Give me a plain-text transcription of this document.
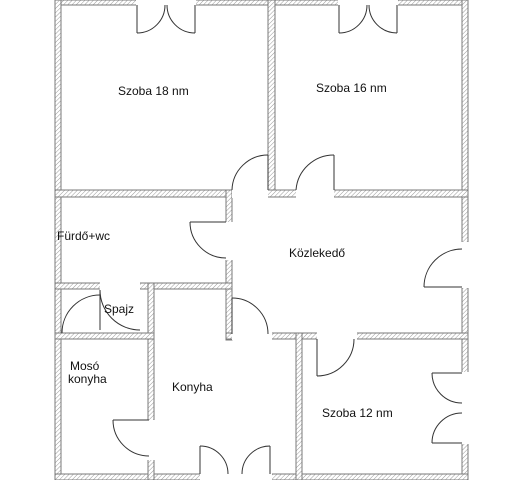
Szoba 18 nm	Szoba 16 nm
Fürdő+wc
Közlekedő
Spajz
Mosó
konyha
Konyha
Szoba 12 nm
